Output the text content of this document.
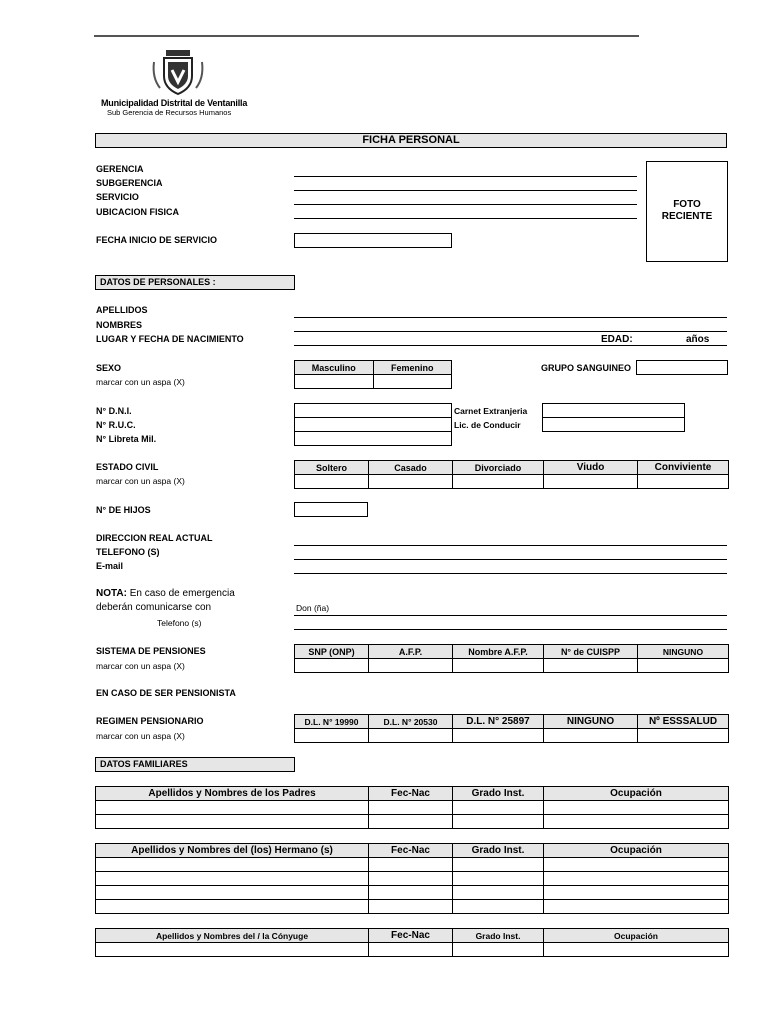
Municipalidad Distrital de Ventanilla
Sub Gerencia de Recursos Humanos
FICHA PERSONAL
GERENCIA
SUBGERENCIA
SERVICIO
UBICACION FISICA
FECHA INICIO DE SERVICIO
FOTO
RECIENTE
DATOS DE PERSONALES :
APELLIDOS
NOMBRES
LUGAR Y FECHA DE NACIMIENTO	EDAD:	años
SEXO
marcar con un aspa (X)
Masculino	Femenino
		GRUPO SANGUINEO
N° D.N.I.
N° R.U.C.
N° Libreta Mil.
Carnet Extranjeria
Lic. de Conducir
ESTADO CIVIL
marcar con un aspa (X)
Soltero	Casado	Divorciado	Viudo	Conviviente

N° DE HIJOS
DIRECCION REAL ACTUAL
TELEFONO (S)
E-mail
NOTA: En caso de emergencia
deberán comunicarse con
Telefono (s)
Don (ña)
SISTEMA DE PENSIONES
marcar con un aspa (X)
SNP (ONP)	A.F.P.	Nombre A.F.P.	N° de CUISPP	NINGUNO

EN CASO DE SER PENSIONISTA
REGIMEN PENSIONARIO
marcar con un aspa (X)
D.L. N° 19990	D.L. N° 20530	D.L. N° 25897	NINGUNO	Nº ESSSALUD

DATOS FAMILIARES
Apellidos y Nombres de los Padres	Fec-Nac	Grado Inst.	Ocupación

Apellidos y Nombres del (los) Hermano (s)	Fec-Nac	Grado Inst.	Ocupación

Apellidos y Nombres del / la Cónyuge	Fec-Nac	Grado Inst.	Ocupación
